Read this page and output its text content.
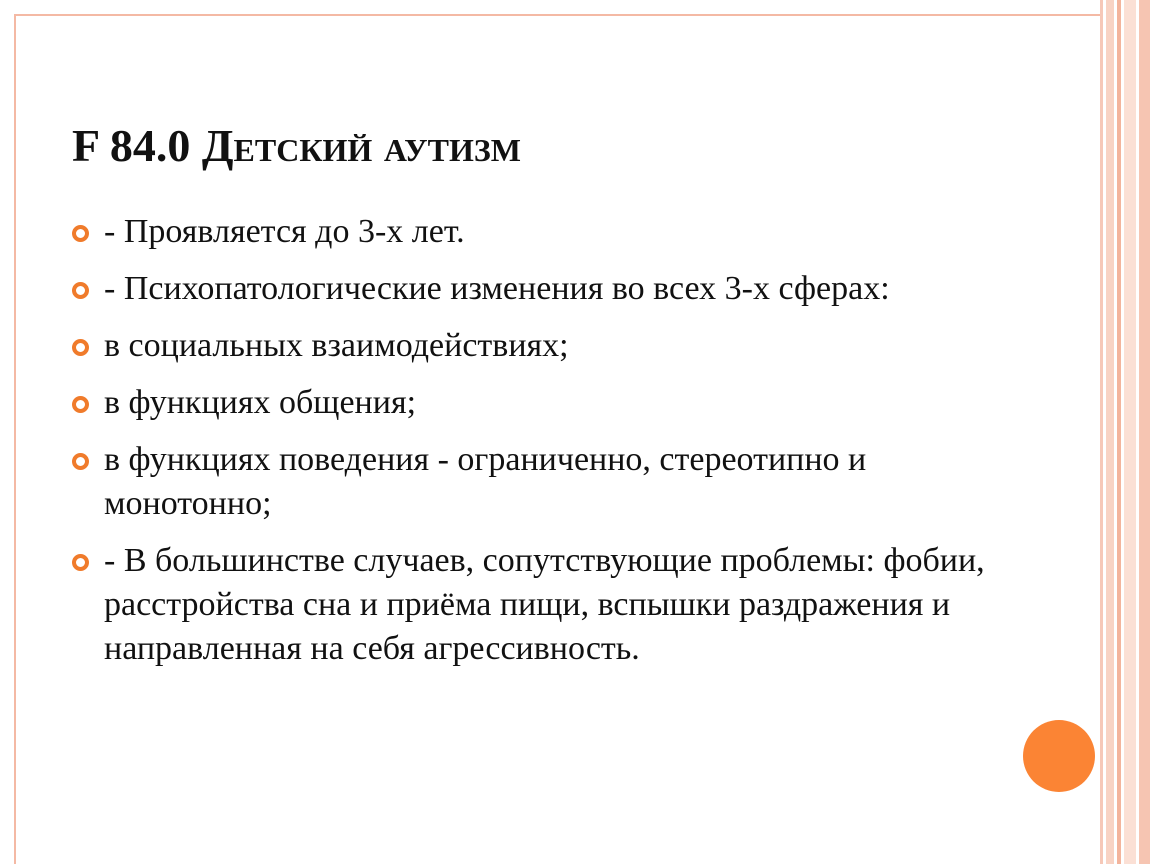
F 84.0 Детский аутизм
- Проявляется до 3-х лет.
- Психопатологические изменения во всех 3-х сферах:
в социальных взаимодействиях;
в функциях общения;
в функциях поведения - ограниченно, стереотипно и монотонно;
- В большинстве случаев, сопутствующие проблемы: фобии, расстройства сна и приёма пищи, вспышки раздражения и направленная на себя агрессивность.
